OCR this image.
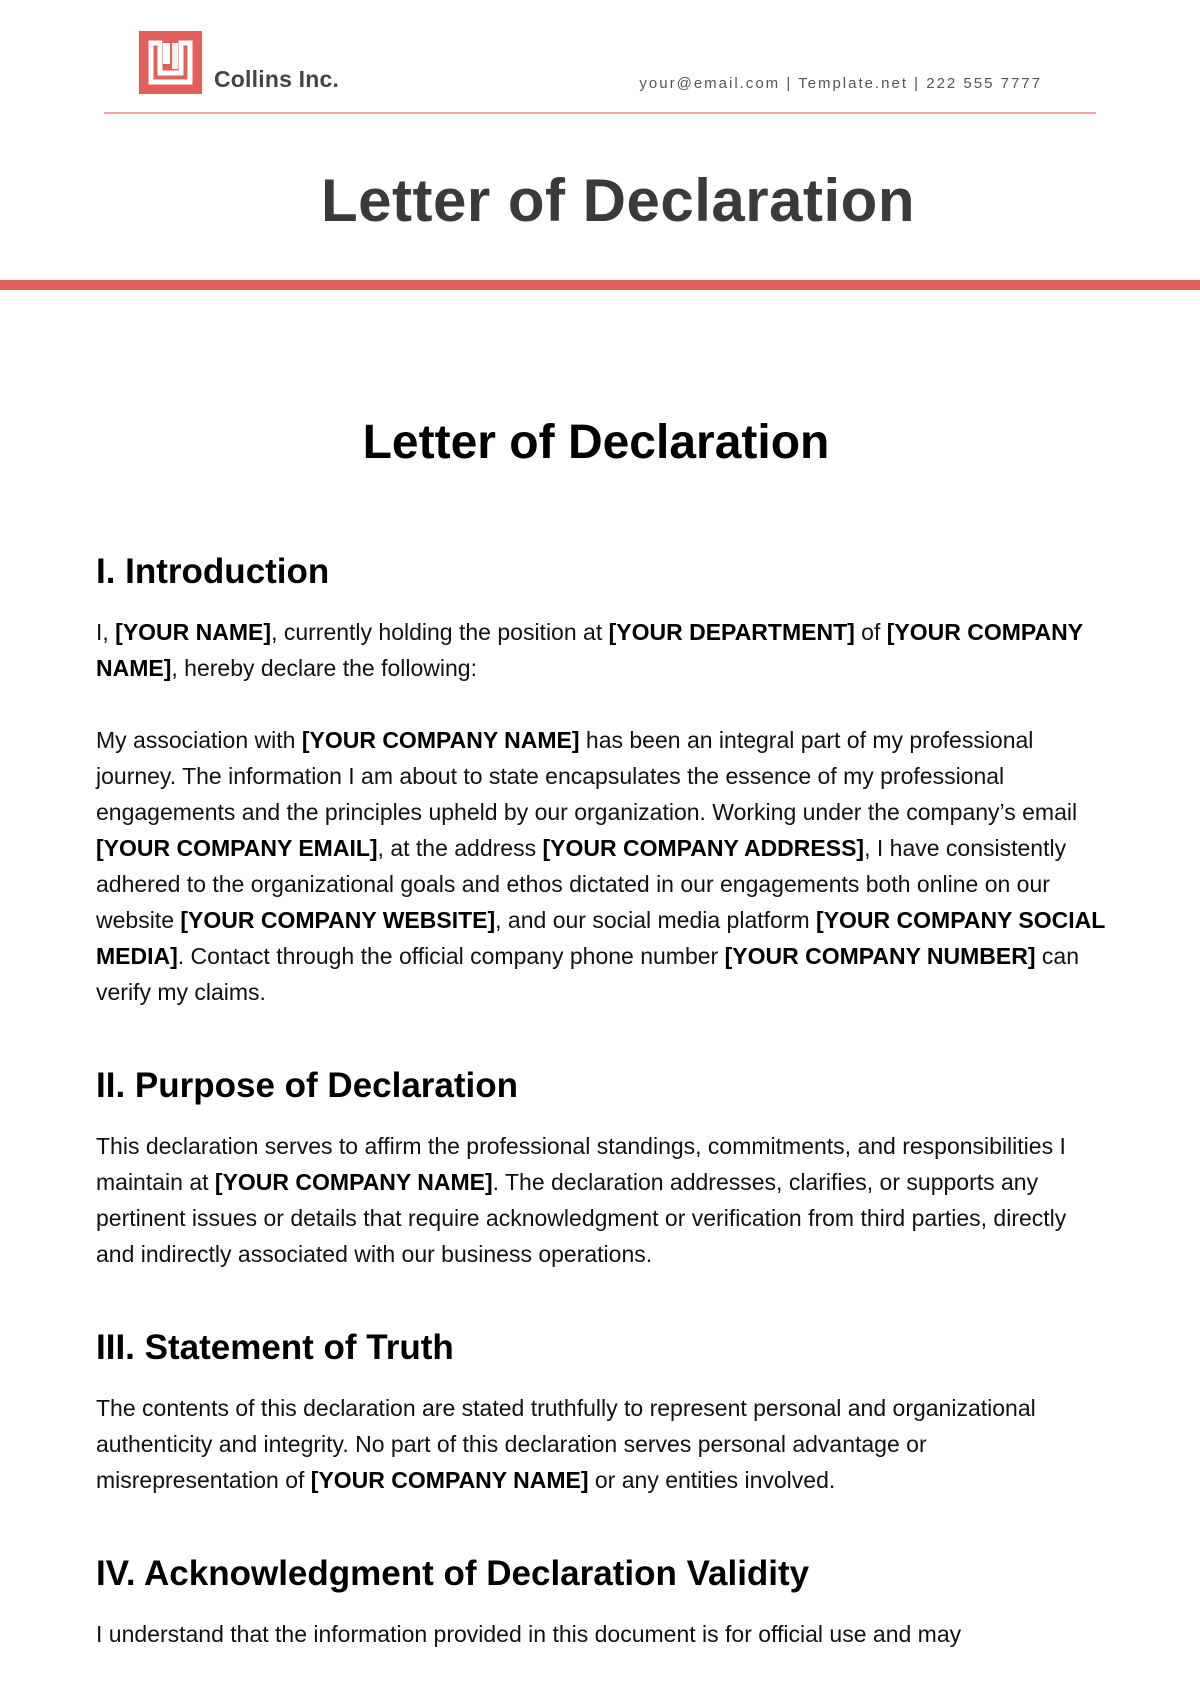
Collins Inc.	your@email.com | Template.net | 222 555 7777
Letter of Declaration
Letter of Declaration
I. Introduction

I, [YOUR NAME], currently holding the position at [YOUR DEPARTMENT] of [YOUR COMPANY NAME], hereby declare the following:

My association with [YOUR COMPANY NAME] has been an integral part of my professional journey. The information I am about to state encapsulates the essence of my professional engagements and the principles upheld by our organization. Working under the company’s email [YOUR COMPANY EMAIL], at the address [YOUR COMPANY ADDRESS], I have consistently adhered to the organizational goals and ethos dictated in our engagements both online on our website [YOUR COMPANY WEBSITE], and our social media platform [YOUR COMPANY SOCIAL MEDIA]. Contact through the official company phone number [YOUR COMPANY NUMBER] can verify my claims.

II. Purpose of Declaration

This declaration serves to affirm the professional standings, commitments, and responsibilities I maintain at [YOUR COMPANY NAME]. The declaration addresses, clarifies, or supports any pertinent issues or details that require acknowledgment or verification from third parties, directly and indirectly associated with our business operations.

III. Statement of Truth

The contents of this declaration are stated truthfully to represent personal and organizational authenticity and integrity. No part of this declaration serves personal advantage or misrepresentation of [YOUR COMPANY NAME] or any entities involved.

IV. Acknowledgment of Declaration Validity

I understand that the information provided in this document is for official use and may
